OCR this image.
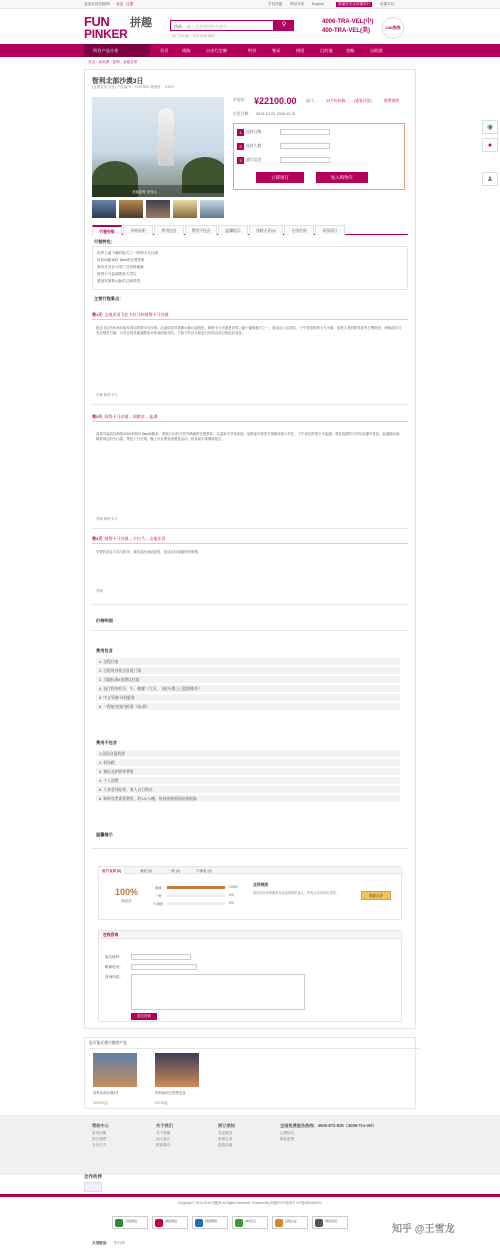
欢迎来到拼趣网! 登录 注册	手机拼趣 网站导航 English	感谢您关注拼趣旅行	收藏本站
FUN
PINKER
拼趣	线路 输入您要查找的关键字	⚲
热门目的地：美国 欧洲 澳洲
4006-TRA-VEL(中)
400-TRA-VEL(美)
24h热线
所有产品分类	首页	线路	自由行定制	特价	签证	拼团	目的地	攻略	自助游
首页 › 南美洲 › 智利 › 圣地亚哥
智利北部沙漠3日
(圣地亚哥出发) 产品编号：CHCS03 满意度：100%
圣地亚哥·圣母山
市场价： ¥22100.00 起/人	12月份价格 (查看评论)	税费说明
出发日期： 2014-12-01 2016-12-31
1	选择日期：
2	选择人数：
3	填写信息：
立即预订	加入购物车
行程安排	价格说明	费用包含	费用不包含	温馨提示	线路点评(0)	在线咨询	预留预订
行程特色：
世界上最干燥的地方之一阿塔卡马沙漠
体验间歇泉El Tatio的壮观景象
探访月亮谷与死亡谷奇特地貌
阿塔卡马盐湖观赏火烈鸟
感受安第斯山脉的辽阔美景
主要行程景点：
第1天 圣地亚哥飞往卡拉马转阿塔卡马沙漠
抵达卡拉马机场后驱车前往阿塔卡马沙漠。沿途欣赏安第斯山脉壮丽景色，阿塔卡马沙漠是世界上最干燥的地方之一，抵达后入住酒店，下午游览阿塔卡马小镇，参观古老的教堂和考古博物馆，傍晚前往月亮谷观赏日落，月亮谷因其地貌酷似月球表面而得名，夕阳下的沙丘和岩石呈现出奇幻的色彩变化。
早餐 阿塔卡马
第2天 阿塔卡马沙漠 – 间歇泉 – 盐湖
清晨早起前往海拔4300米的El Tatio间歇泉，观赏日出时分蒸汽喷涌的壮观景象，在温泉中享受沐浴。返程途中游览安第斯高原小村庄，下午前往阿塔卡马盐湖，观赏成群的火烈鸟在湖中觅食，盐湖湖水倒映着周边的火山群，景色十分壮观。晚上可自费参加观星活动，欣赏南半球璀璨星空。
早餐 阿塔卡马
第3天 阿塔卡马沙漠 – 卡拉马 – 圣地亚哥
早餐后前往卡拉马机场，乘机返回圣地亚哥，抵达后结束愉快的旅程。
早餐
价格明细
费用包含
1. 全程住宿
2. 行程所列景点首道门票
3. 当地标准4星酒店住宿
4. 包行程中的早、午、晚餐（大早，飞机头餐上已提供除外）
5. 中文导游/司机服务
6. 一程航空国内机票（从/到）
费用不包含
1.国际往返机票
2. 机场税
3. 签证及护照等费用
4. 个人消费
5. 人身意外险等，客人自行购买
6. 如单房差需要费用，约1.5人/晚，每间房按相同价格收取
温馨提示
用户点评 (0)	满意 (0)	一般 (0)	不满意 (0)
100%
满意度
满意	100%
一般	0%
不满意	0%
点评规则
我们的点评数据来自参加团游的客人，所有点评均真实有效。
我要点评
在线咨询
姓名称呼：
联系电话：
咨询内容：
提交咨询
您可能还感兴趣的产品
智利北部沙漠3日
¥22100起
智利南部巴塔哥尼亚
¥5750起
帮助中心
常见问题
预订流程
支付方式
关于我们
关于拼趣
加入我们
联系我们
预订须知
签证服务
旅游合同
退改说明
全国免费服务热线：4006-872-835（4006-Tra-Vel）
注册协议
隐私政策
合作伙伴
Copyright © 2014-2016 拼趣网 All Rights Reserved. Powered By 拼趣网 ICP备案号 ICP备00000000号
可信网站	诚信网站	网络警察	360安全	其他认证	网站信息
友情链接： 旅行网
知乎 @王雪龙
◉
●
♟
